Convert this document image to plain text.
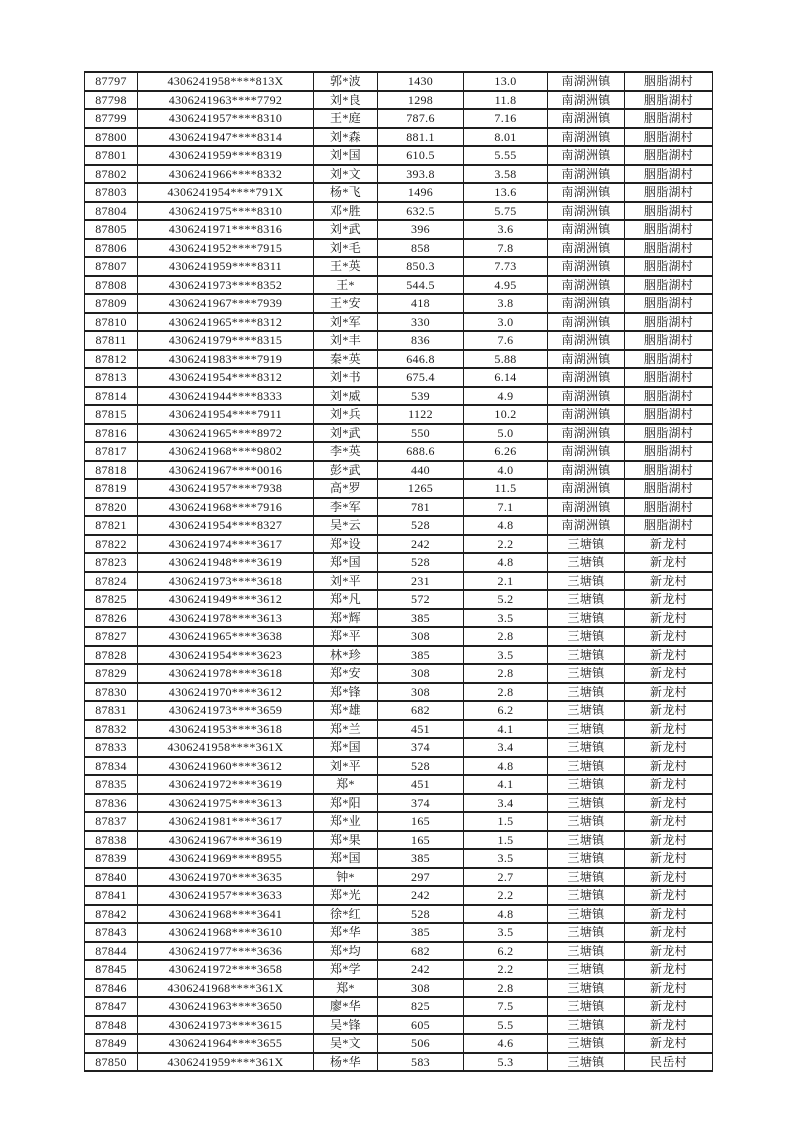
87797	4306241958****813X	郭*波	1430	13.0	南湖洲镇	胭脂湖村
87798	4306241963****7792	刘*良	1298	11.8	南湖洲镇	胭脂湖村
87799	4306241957****8310	王*庭	787.6	7.16	南湖洲镇	胭脂湖村
87800	4306241947****8314	刘*森	881.1	8.01	南湖洲镇	胭脂湖村
87801	4306241959****8319	刘*国	610.5	5.55	南湖洲镇	胭脂湖村
87802	4306241966****8332	刘*文	393.8	3.58	南湖洲镇	胭脂湖村
87803	4306241954****791X	杨*飞	1496	13.6	南湖洲镇	胭脂湖村
87804	4306241975****8310	邓*胜	632.5	5.75	南湖洲镇	胭脂湖村
87805	4306241971****8316	刘*武	396	3.6	南湖洲镇	胭脂湖村
87806	4306241952****7915	刘*毛	858	7.8	南湖洲镇	胭脂湖村
87807	4306241959****8311	王*英	850.3	7.73	南湖洲镇	胭脂湖村
87808	4306241973****8352	王*	544.5	4.95	南湖洲镇	胭脂湖村
87809	4306241967****7939	王*安	418	3.8	南湖洲镇	胭脂湖村
87810	4306241965****8312	刘*军	330	3.0	南湖洲镇	胭脂湖村
87811	4306241979****8315	刘*丰	836	7.6	南湖洲镇	胭脂湖村
87812	4306241983****7919	秦*英	646.8	5.88	南湖洲镇	胭脂湖村
87813	4306241954****8312	刘*书	675.4	6.14	南湖洲镇	胭脂湖村
87814	4306241944****8333	刘*威	539	4.9	南湖洲镇	胭脂湖村
87815	4306241954****7911	刘*兵	1122	10.2	南湖洲镇	胭脂湖村
87816	4306241965****8972	刘*武	550	5.0	南湖洲镇	胭脂湖村
87817	4306241968****9802	李*英	688.6	6.26	南湖洲镇	胭脂湖村
87818	4306241967****0016	彭*武	440	4.0	南湖洲镇	胭脂湖村
87819	4306241957****7938	高*罗	1265	11.5	南湖洲镇	胭脂湖村
87820	4306241968****7916	李*军	781	7.1	南湖洲镇	胭脂湖村
87821	4306241954****8327	吴*云	528	4.8	南湖洲镇	胭脂湖村
87822	4306241974****3617	郑*设	242	2.2	三塘镇	新龙村
87823	4306241948****3619	郑*国	528	4.8	三塘镇	新龙村
87824	4306241973****3618	刘*平	231	2.1	三塘镇	新龙村
87825	4306241949****3612	郑*凡	572	5.2	三塘镇	新龙村
87826	4306241978****3613	郑*辉	385	3.5	三塘镇	新龙村
87827	4306241965****3638	郑*平	308	2.8	三塘镇	新龙村
87828	4306241954****3623	林*珍	385	3.5	三塘镇	新龙村
87829	4306241978****3618	郑*安	308	2.8	三塘镇	新龙村
87830	4306241970****3612	郑*锋	308	2.8	三塘镇	新龙村
87831	4306241973****3659	郑*雄	682	6.2	三塘镇	新龙村
87832	4306241953****3618	郑*兰	451	4.1	三塘镇	新龙村
87833	4306241958****361X	郑*国	374	3.4	三塘镇	新龙村
87834	4306241960****3612	刘*平	528	4.8	三塘镇	新龙村
87835	4306241972****3619	郑*	451	4.1	三塘镇	新龙村
87836	4306241975****3613	郑*阳	374	3.4	三塘镇	新龙村
87837	4306241981****3617	郑*业	165	1.5	三塘镇	新龙村
87838	4306241967****3619	郑*果	165	1.5	三塘镇	新龙村
87839	4306241969****8955	郑*国	385	3.5	三塘镇	新龙村
87840	4306241970****3635	钟*	297	2.7	三塘镇	新龙村
87841	4306241957****3633	郑*光	242	2.2	三塘镇	新龙村
87842	4306241968****3641	徐*红	528	4.8	三塘镇	新龙村
87843	4306241968****3610	郑*华	385	3.5	三塘镇	新龙村
87844	4306241977****3636	郑*均	682	6.2	三塘镇	新龙村
87845	4306241972****3658	郑*学	242	2.2	三塘镇	新龙村
87846	4306241968****361X	郑*	308	2.8	三塘镇	新龙村
87847	4306241963****3650	廖*华	825	7.5	三塘镇	新龙村
87848	4306241973****3615	吴*锋	605	5.5	三塘镇	新龙村
87849	4306241964****3655	吴*文	506	4.6	三塘镇	新龙村
87850	4306241959****361X	杨*华	583	5.3	三塘镇	民岳村
